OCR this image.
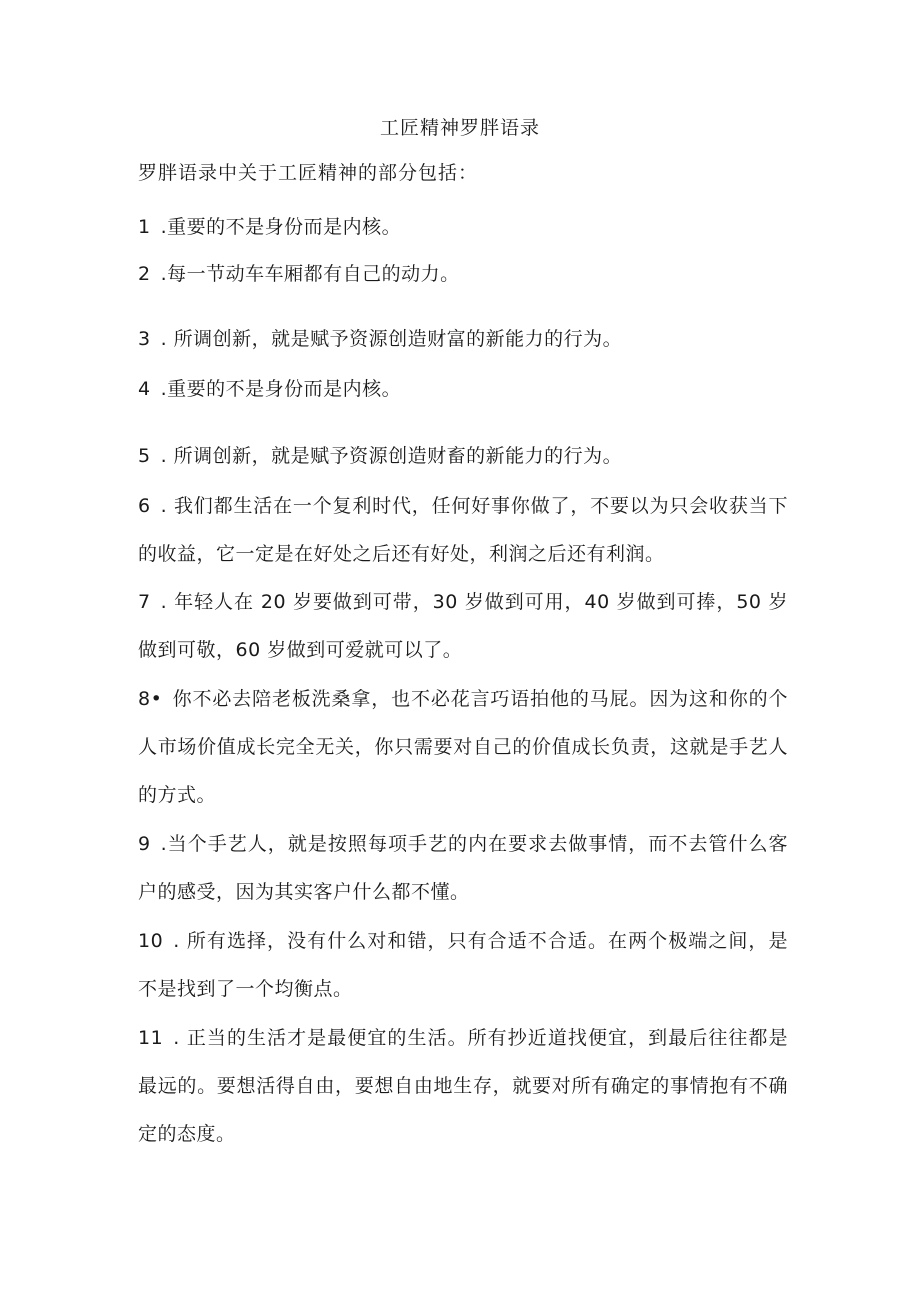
工匠精神罗胖语录
罗胖语录中关于工匠精神的部分包括：
1 .重要的不是身份而是内核。
2 .每一节动车车厢都有自己的动力。
3 . 所调创新，就是赋予资源创造财富的新能力的行为。
4 .重要的不是身份而是内核。
5 . 所调创新，就是赋予资源创造财畜的新能力的行为。
6 . 我们都生活在一个复利时代，任何好事你做了，不要以为只会收获当下的收益，它一定是在好处之后还有好处，利润之后还有利润。
7 . 年轻人在 20 岁要做到可带，30 岁做到可用，40 岁做到可捧，50 岁做到可敬，60 岁做到可爱就可以了。
8• 你不必去陪老板洗桑拿，也不必花言巧语拍他的马屁。因为这和你的个人市场价值成长完全无关，你只需要对自己的价值成长负责，这就是手艺人的方式。
9 .当个手艺人，就是按照每项手艺的内在要求去做事情，而不去管什么客户的感受，因为其实客户什么都不懂。
10 . 所有选择，没有什么对和错，只有合适不合适。在两个极端之间，是不是找到了一个均衡点。
11 . 正当的生活才是最便宜的生活。所有抄近道找便宜，到最后往往都是最远的。要想活得自由，要想自由地生存，就要对所有确定的事情抱有不确定的态度。
